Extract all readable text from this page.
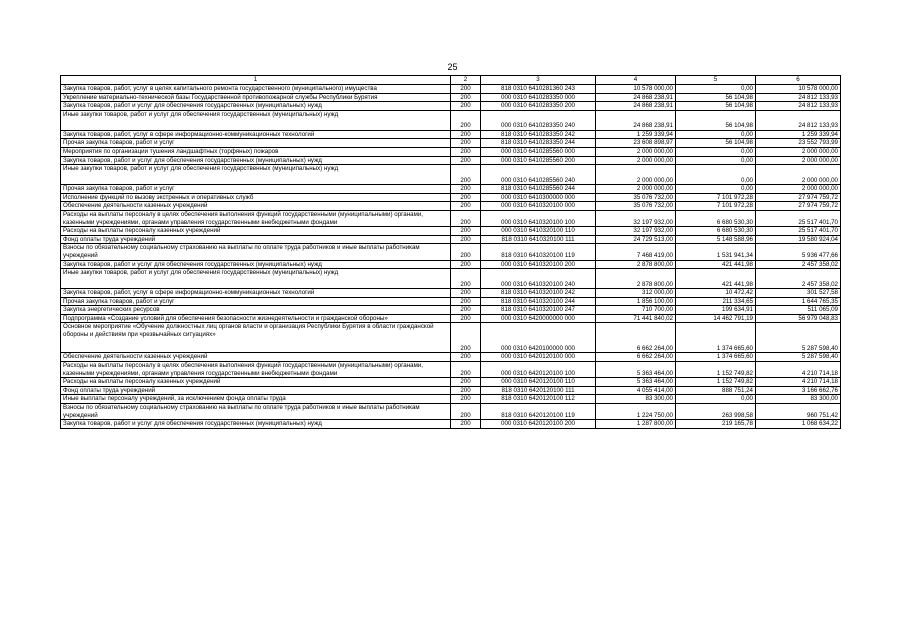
25
1	2	3	4	5	6
Закупка товаров, работ, услуг в целях капитального ремонта государственного (муниципального) имущества	200	818 0310 6410281360 243	10 578 000,00	0,00	10 578 000,00
Укрепление материально-технической базы Государственной противопожарной службы Республики Бурятия	200	000 0310 6410283350 000	24 868 238,91	56 104,98	24 812 133,93
Закупка товаров, работ и услуг для обеспечения государственных (муниципальных) нужд	200	000 0310 6410283350 200	24 868 238,91	56 104,98	24 812 133,93
Иные закупки товаров, работ и услуг для обеспечения государственных (муниципальных) нужд	200	000 0310 6410283350 240	24 868 238,91	56 104,98	24 812 133,93
Закупка товаров, работ, услуг в сфере информационно-коммуникационных технологий	200	818 0310 6410283350 242	1 259 339,94	0,00	1 259 339,94
Прочая закупка товаров, работ и услуг	200	818 0310 6410283350 244	23 608 898,97	56 104,98	23 552 793,99
Мероприятия по организации тушения ландшафтных (торфяных) пожаров	200	000 0310 6410285560 000	2 000 000,00	0,00	2 000 000,00
Закупка товаров, работ и услуг для обеспечения государственных (муниципальных) нужд	200	000 0310 6410285560 200	2 000 000,00	0,00	2 000 000,00
Иные закупки товаров, работ и услуг для обеспечения государственных (муниципальных) нужд	200	000 0310 6410285560 240	2 000 000,00	0,00	2 000 000,00
Прочая закупка товаров, работ и услуг	200	818 0310 6410285560 244	2 000 000,00	0,00	2 000 000,00
Исполнение функций по вызову экстренных и оперативных служб	200	000 0310 6410300000 000	35 076 732,00	7 101 972,28	27 974 759,72
Обеспечение деятельности казенных учреждений	200	000 0310 6410320100 000	35 076 732,00	7 101 972,28	27 974 759,72
Расходы на выплаты персоналу в целях обеспечения выполнения функций государственными (муниципальными) органами, казенными учреждениями, органами управления государственными внебюджетными фондами	200	000 0310 6410320100 100	32 197 932,00	6 680 530,30	25 517 401,70
Расходы на выплаты персоналу казенных учреждений	200	000 0310 6410320100 110	32 197 932,00	6 680 530,30	25 517 401,70
Фонд оплаты труда учреждений	200	818 0310 6410320100 111	24 729 513,00	5 148 588,96	19 580 924,04
Взносы по обязательному социальному страхованию на выплаты по оплате труда работников и иные выплаты работникам учреждений	200	818 0310 6410320100 119	7 468 419,00	1 531 941,34	5 936 477,66
Закупка товаров, работ и услуг для обеспечения государственных (муниципальных) нужд	200	000 0310 6410320100 200	2 878 800,00	421 441,98	2 457 358,02
Иные закупки товаров, работ и услуг для обеспечения государственных (муниципальных) нужд	200	000 0310 6410320100 240	2 878 800,00	421 441,98	2 457 358,02
Закупка товаров, работ, услуг в сфере информационно-коммуникационных технологий	200	818 0310 6410320100 242	312 000,00	10 472,42	301 527,58
Прочая закупка товаров, работ и услуг	200	818 0310 6410320100 244	1 856 100,00	211 334,65	1 644 765,35
Закупка энергетических ресурсов	200	818 0310 6410320100 247	710 700,00	199 634,91	511 065,09
Подпрограмма «Создание условий для обеспечения безопасности жизнедеятельности и гражданской обороны»	200	000 0310 6420000000 000	71 441 840,02	14 462 791,19	56 979 048,83
Основное мероприятие «Обучение должностных лиц органов власти и организация Республики Бурятия в области гражданской обороны и действиям при чрезвычайных ситуациях»	200	000 0310 6420100000 000	6 662 264,00	1 374 665,60	5 287 598,40
Обеспечение деятельности казенных учреждений	200	000 0310 6420120100 000	6 662 264,00	1 374 665,60	5 287 598,40
Расходы на выплаты персоналу в целях обеспечения выполнения функций государственными (муниципальными) органами, казенными учреждениями, органами управления государственными внебюджетными фондами	200	000 0310 6420120100 100	5 363 464,00	1 152 749,82	4 210 714,18
Расходы на выплаты персоналу казенных учреждений	200	000 0310 6420120100 110	5 363 464,00	1 152 749,82	4 210 714,18
Фонд оплаты труда учреждений	200	818 0310 6420120100 111	4 055 414,00	888 751,24	3 166 662,76
Иные выплаты персоналу учреждений, за исключением фонда оплаты труда	200	818 0310 6420120100 112	83 300,00	0,00	83 300,00
Взносы по обязательному социальному страхованию на выплаты по оплате труда работников и иные выплаты работникам учреждений	200	818 0310 6420120100 119	1 224 750,00	263 998,58	960 751,42
Закупка товаров, работ и услуг для обеспечения государственных (муниципальных) нужд	200	000 0310 6420120100 200	1 287 800,00	219 165,78	1 068 634,22
